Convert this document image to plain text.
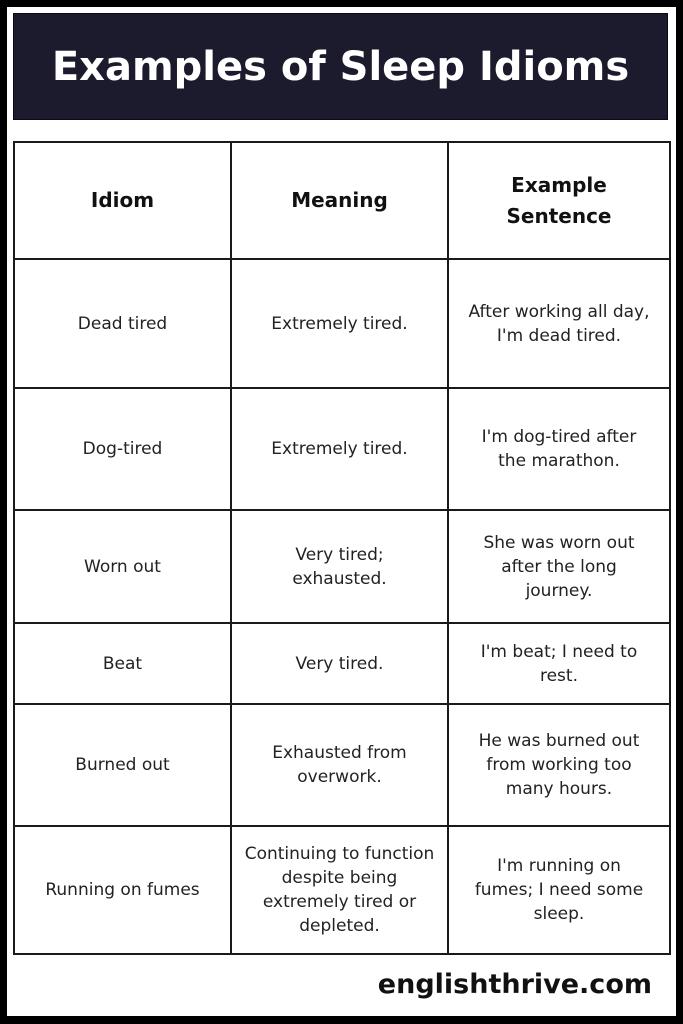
Examples of Sleep Idioms
Idiom	Meaning	Example Sentence
Dead tired	Extremely tired.	After working all day, I'm dead tired.
Dog-tired	Extremely tired.	I'm dog-tired after the marathon.
Worn out	Very tired; exhausted.	She was worn out after the long journey.
Beat	Very tired.	I'm beat; I need to rest.
Burned out	Exhausted from overwork.	He was burned out from working too many hours.
Running on fumes	Continuing to function despite being extremely tired or depleted.	I'm running on fumes; I need some sleep.
englishthrive.com
